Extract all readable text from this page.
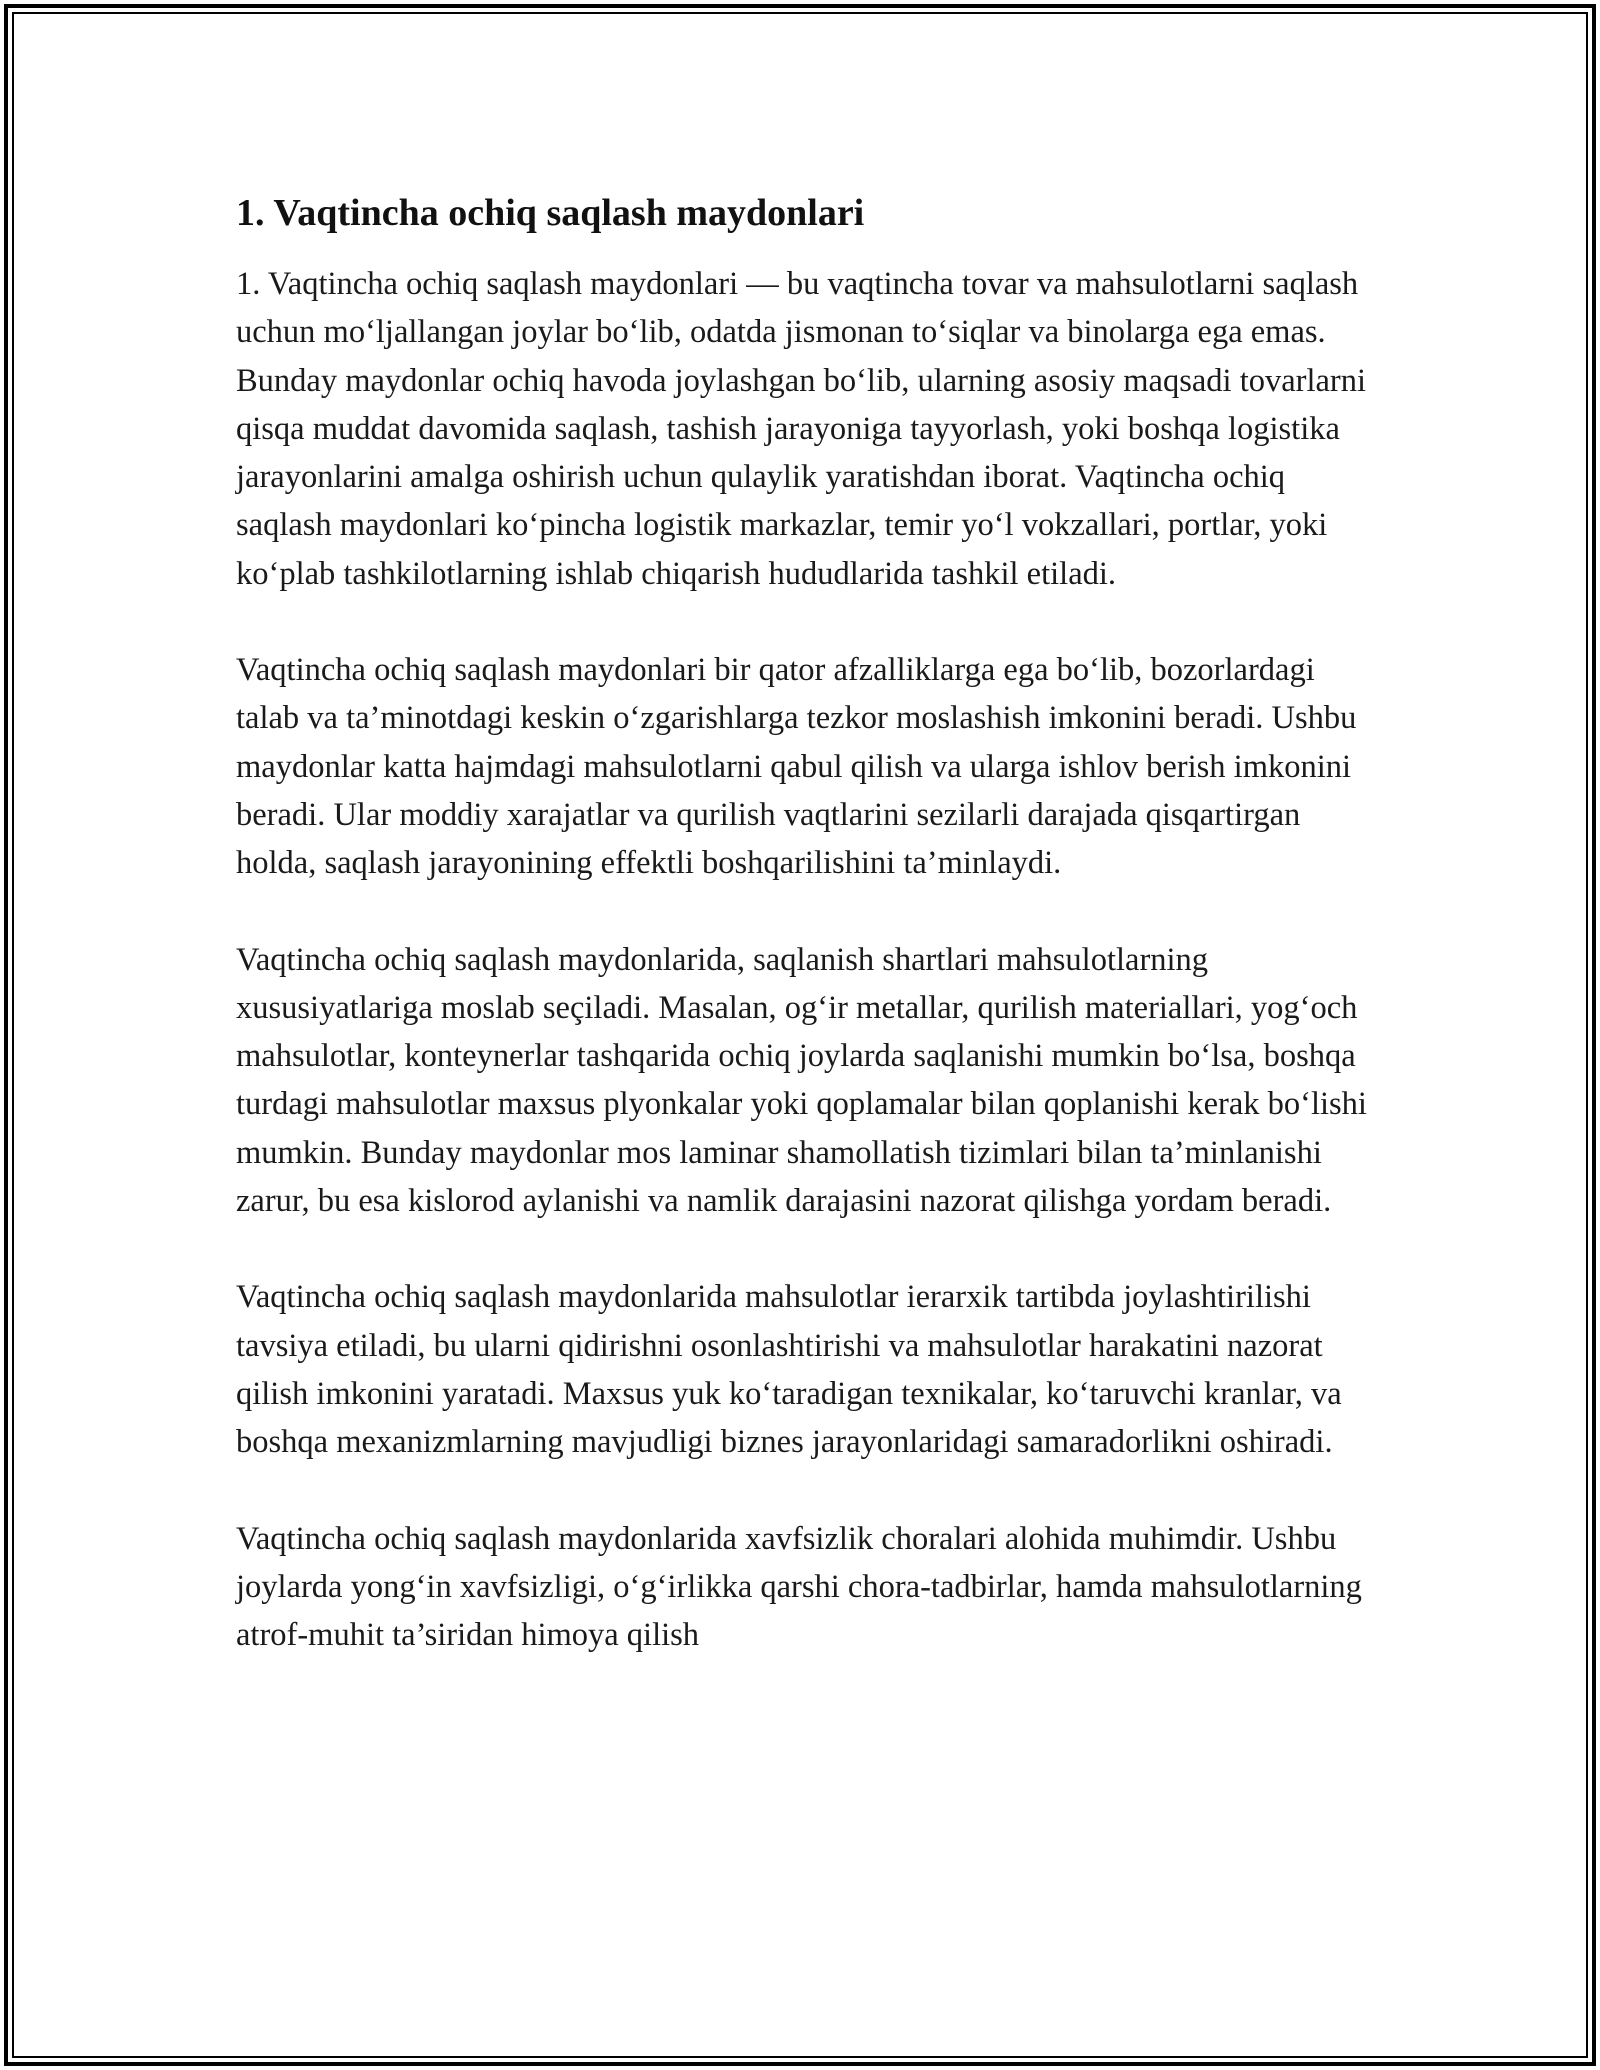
1. Vaqtincha ochiq saqlash maydonlari

1. Vaqtincha ochiq saqlash maydonlari — bu vaqtincha tovar va mahsulotlarni saqlash uchun mo‘ljallangan joylar bo‘lib, odatda jismonan to‘siqlar va binolarga ega emas. Bunday maydonlar ochiq havoda joylashgan bo‘lib, ularning asosiy maqsadi tovarlarni qisqa muddat davomida saqlash, tashish jarayoniga tayyorlash, yoki boshqa logistika jarayonlarini amalga oshirish uchun qulaylik yaratishdan iborat. Vaqtincha ochiq saqlash maydonlari ko‘pincha logistik markazlar, temir yo‘l vokzallari, portlar, yoki ko‘plab tashkilotlarning ishlab chiqarish hududlarida tashkil etiladi.

Vaqtincha ochiq saqlash maydonlari bir qator afzalliklarga ega bo‘lib, bozorlardagi talab va ta’minotdagi keskin o‘zgarishlarga tezkor moslashish imkonini beradi. Ushbu maydonlar katta hajmdagi mahsulotlarni qabul qilish va ularga ishlov berish imkonini beradi. Ular moddiy xarajatlar va qurilish vaqtlarini sezilarli darajada qisqartirgan holda, saqlash jarayonining effektli boshqarilishini ta’minlaydi.

Vaqtincha ochiq saqlash maydonlarida, saqlanish shartlari mahsulotlarning xususiyatlariga moslab seçiladi. Masalan, og‘ir metallar, qurilish materiallari, yog‘och mahsulotlar, konteynerlar tashqarida ochiq joylarda saqlanishi mumkin bo‘lsa, boshqa turdagi mahsulotlar maxsus plyonkalar yoki qoplamalar bilan qoplanishi kerak bo‘lishi mumkin. Bunday maydonlar mos laminar shamollatish tizimlari bilan ta’minlanishi zarur, bu esa kislorod aylanishi va namlik darajasini nazorat qilishga yordam beradi.

Vaqtincha ochiq saqlash maydonlarida mahsulotlar ierarxik tartibda joylashtirilishi tavsiya etiladi, bu ularni qidirishni osonlashtirishi va mahsulotlar harakatini nazorat qilish imkonini yaratadi. Maxsus yuk ko‘taradigan texnikalar, ko‘taruvchi kranlar, va boshqa mexanizmlarning mavjudligi biznes jarayonlaridagi samaradorlikni oshiradi.

Vaqtincha ochiq saqlash maydonlarida xavfsizlik choralari alohida muhimdir. Ushbu joylarda yong‘in xavfsizligi, o‘g‘irlikka qarshi chora-tadbirlar, hamda mahsulotlarning atrof-muhit ta’siridan himoya qilish
